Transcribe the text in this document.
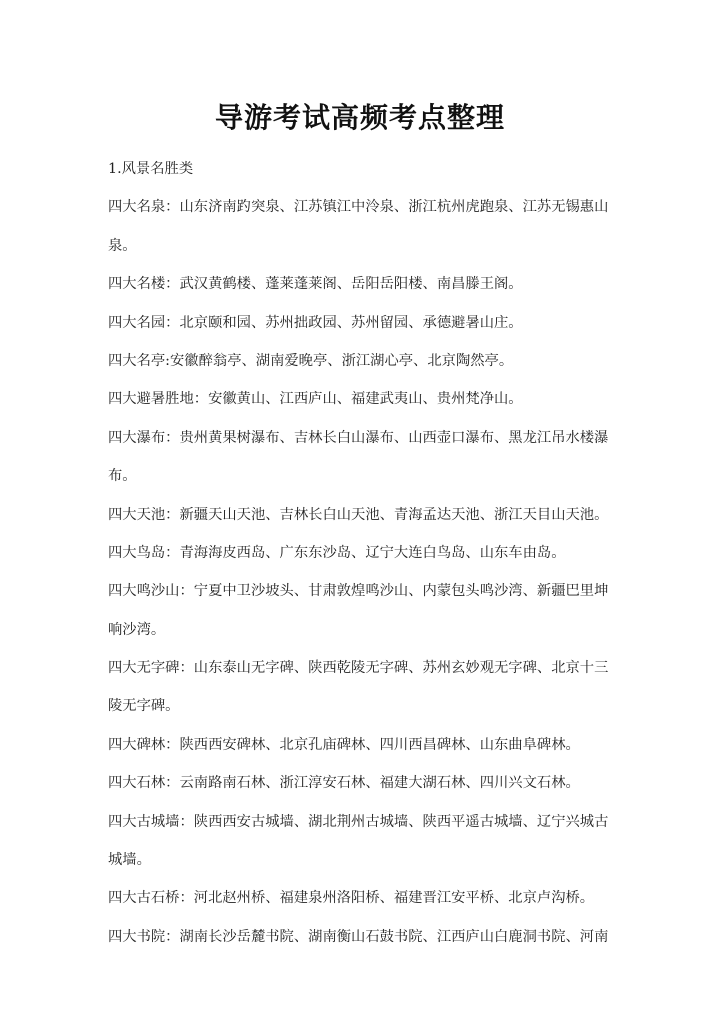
导游考试高频考点整理
1.风景名胜类
四大名泉：山东济南趵突泉、江苏镇江中泠泉、浙江杭州虎跑泉、江苏无锡惠山
泉。
四大名楼：武汉黄鹤楼、蓬莱蓬莱阁、岳阳岳阳楼、南昌滕王阁。
四大名园：北京颐和园、苏州拙政园、苏州留园、承德避暑山庄。
四大名亭:安徽醉翁亭、湖南爱晚亭、浙江湖心亭、北京陶然亭。
四大避暑胜地：安徽黄山、江西庐山、福建武夷山、贵州梵净山。
四大瀑布：贵州黄果树瀑布、吉林长白山瀑布、山西壶口瀑布、黑龙江吊水楼瀑
布。
四大天池：新疆天山天池、吉林长白山天池、青海孟达天池、浙江天目山天池。
四大鸟岛：青海海皮西岛、广东东沙岛、辽宁大连白鸟岛、山东车由岛。
四大鸣沙山：宁夏中卫沙坡头、甘肃敦煌鸣沙山、内蒙包头鸣沙湾、新疆巴里坤
响沙湾。
四大无字碑：山东泰山无字碑、陕西乾陵无字碑、苏州玄妙观无字碑、北京十三
陵无字碑。
四大碑林：陕西西安碑林、北京孔庙碑林、四川西昌碑林、山东曲阜碑林。
四大石林：云南路南石林、浙江淳安石林、福建大湖石林、四川兴文石林。
四大古城墙：陕西西安古城墙、湖北荆州古城墙、陕西平遥古城墙、辽宁兴城古
城墙。
四大古石桥：河北赵州桥、福建泉州洛阳桥、福建晋江安平桥、北京卢沟桥。
四大书院：湖南长沙岳麓书院、湖南衡山石鼓书院、江西庐山白鹿洞书院、河南
